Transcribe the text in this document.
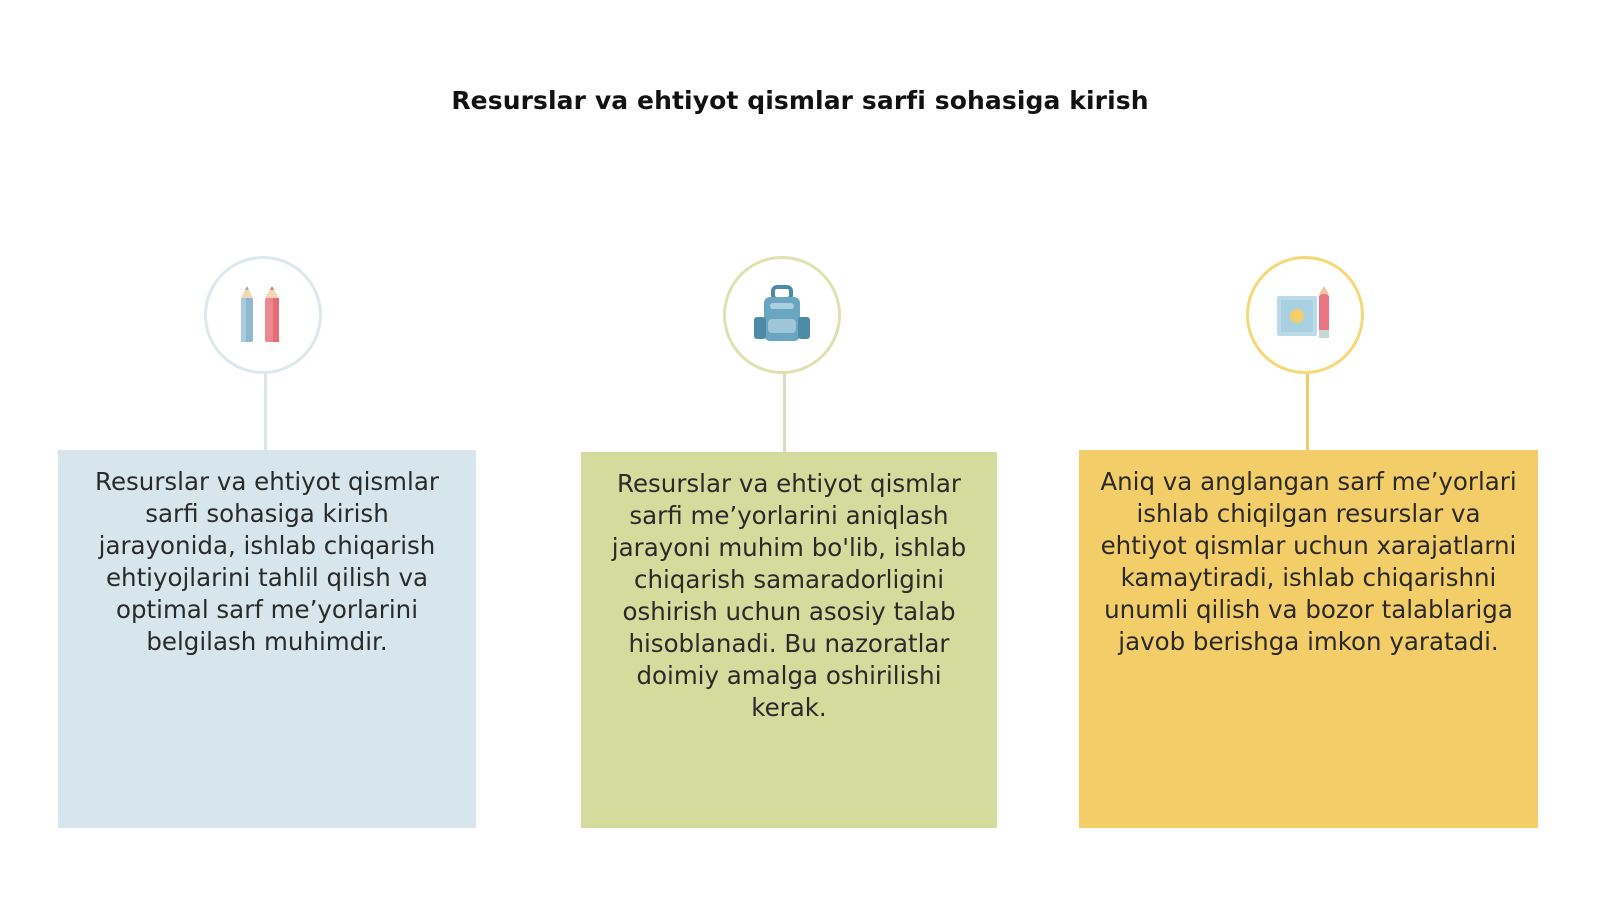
Resurslar va ehtiyot qismlar sarfi sohasiga kirish
Resurslar va ehtiyot qismlar sarfi sohasiga kirish jarayonida, ishlab chiqarish ehtiyojlarini tahlil qilish va optimal sarf me’yorlarini belgilash muhimdir.
Resurslar va ehtiyot qismlar sarfi me’yorlarini aniqlash jarayoni muhim bo'lib, ishlab chiqarish samaradorligini oshirish uchun asosiy talab hisoblanadi. Bu nazoratlar doimiy amalga oshirilishi kerak.
Aniq va anglangan sarf me’yorlari ishlab chiqilgan resurslar va ehtiyot qismlar uchun xarajatlarni kamaytiradi, ishlab chiqarishni unumli qilish va bozor talablariga javob berishga imkon yaratadi.
